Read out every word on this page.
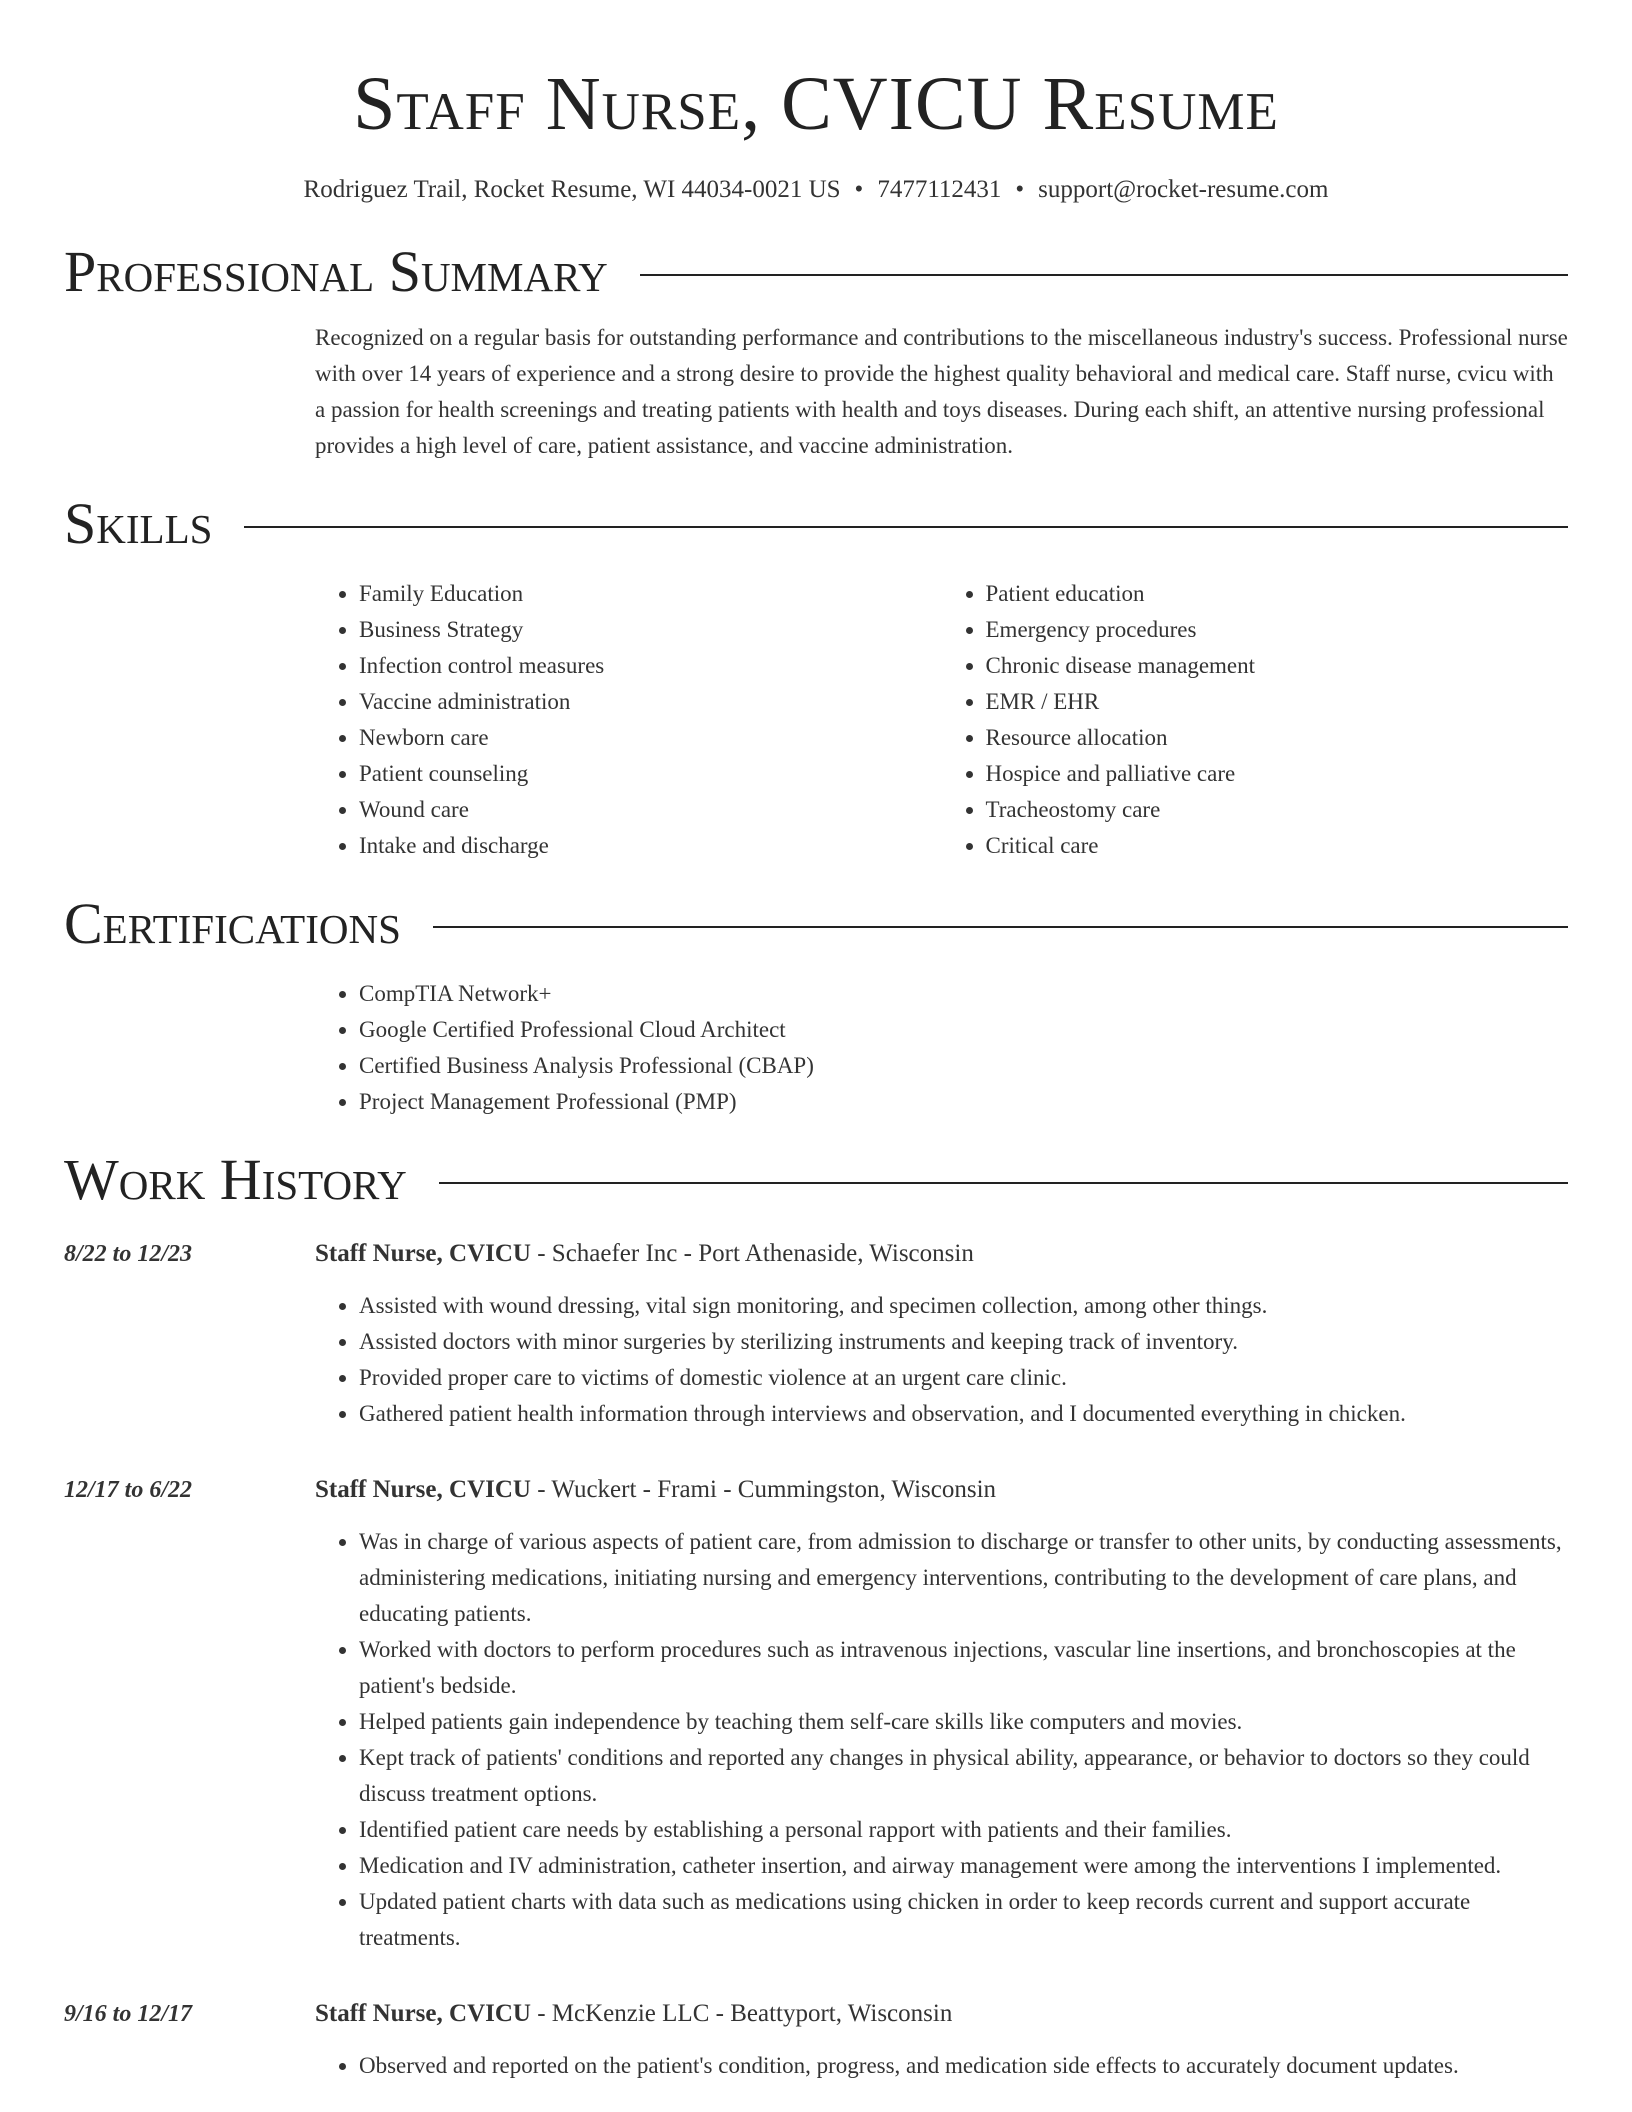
Staff Nurse, CVICU Resume
Rodriguez Trail, Rocket Resume, WI 44034-0021 US • 7477112431 • support@rocket-resume.com
Professional Summary
Recognized on a regular basis for outstanding performance and contributions to the miscellaneous industry's success. Professional nurse with over 14 years of experience and a strong desire to provide the highest quality behavioral and medical care. Staff nurse, cvicu with a passion for health screenings and treating patients with health and toys diseases. During each shift, an attentive nursing professional provides a high level of care, patient assistance, and vaccine administration.
Skills
• Family Education
• Business Strategy
• Infection control measures
• Vaccine administration
• Newborn care
• Patient counseling
• Wound care
• Intake and discharge
• Patient education
• Emergency procedures
• Chronic disease management
• EMR / EHR
• Resource allocation
• Hospice and palliative care
• Tracheostomy care
• Critical care
Certifications
• CompTIA Network+
• Google Certified Professional Cloud Architect
• Certified Business Analysis Professional (CBAP)
• Project Management Professional (PMP)
Work History
8/22 to 12/23	Staff Nurse, CVICU - Schaefer Inc - Port Athenaside, Wisconsin
• Assisted with wound dressing, vital sign monitoring, and specimen collection, among other things.
• Assisted doctors with minor surgeries by sterilizing instruments and keeping track of inventory.
• Provided proper care to victims of domestic violence at an urgent care clinic.
• Gathered patient health information through interviews and observation, and I documented everything in chicken.
12/17 to 6/22	Staff Nurse, CVICU - Wuckert - Frami - Cummingston, Wisconsin
• Was in charge of various aspects of patient care, from admission to discharge or transfer to other units, by conducting assessments, administering medications, initiating nursing and emergency interventions, contributing to the development of care plans, and educating patients.
• Worked with doctors to perform procedures such as intravenous injections, vascular line insertions, and bronchoscopies at the patient's bedside.
• Helped patients gain independence by teaching them self-care skills like computers and movies.
• Kept track of patients' conditions and reported any changes in physical ability, appearance, or behavior to doctors so they could discuss treatment options.
• Identified patient care needs by establishing a personal rapport with patients and their families.
• Medication and IV administration, catheter insertion, and airway management were among the interventions I implemented.
• Updated patient charts with data such as medications using chicken in order to keep records current and support accurate treatments.
9/16 to 12/17	Staff Nurse, CVICU - McKenzie LLC - Beattyport, Wisconsin
• Observed and reported on the patient's condition, progress, and medication side effects to accurately document updates.
